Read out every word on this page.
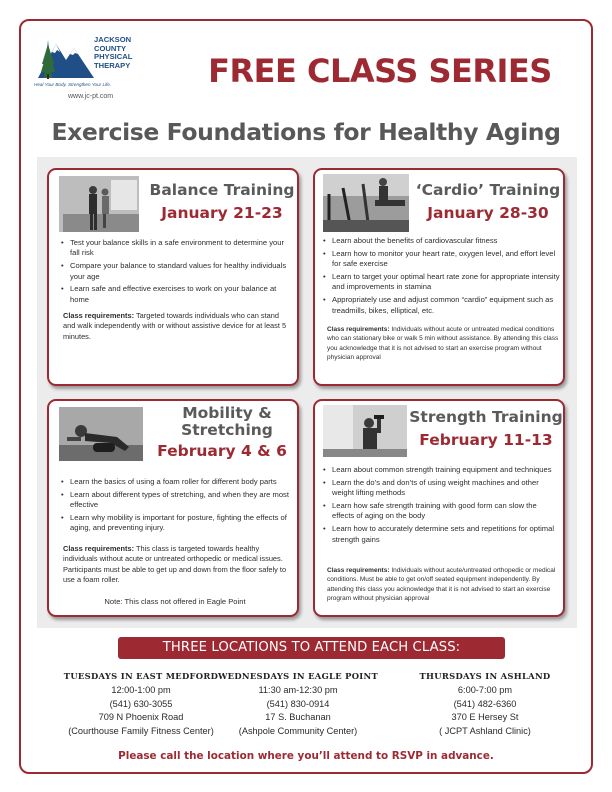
JACKSON
COUNTY
PHYSICAL
THERAPY
Heal Your Body. Strengthen Your Life.
www.jc-pt.com
FREE CLASS SERIES
Exercise Foundations for Healthy Aging
Balance Training
January 21-23
• Test your balance skills in a safe environment to determine your fall risk
• Compare your balance to standard values for healthy individuals your age
• Learn safe and effective exercises to work on your balance at home
Class requirements: Targeted towards individuals who can stand and walk independently with or without assistive device for at least 5 minutes.
‘Cardio’ Training
January 28-30
• Learn about the benefits of cardiovascular fitness
• Learn how to monitor your heart rate, oxygen level, and effort level for safe exercise
• Learn to target your optimal heart rate zone for appropriate intensity and improvements in stamina
• Appropriately use and adjust common “cardio” equipment such as treadmills, bikes, elliptical, etc.
Class requirements: Individuals without acute or untreated medical conditions who can stationary bike or walk 5 min without assistance. By attending this class you acknowledge that it is not advised to start an exercise program without physician approval
Mobility &
Stretching
February 4 & 6
• Learn the basics of using a foam roller for different body parts
• Learn about different types of stretching, and when they are most effective
• Learn why mobility is important for posture, fighting the effects of aging, and preventing injury.
Class requirements: This class is targeted towards healthy individuals without acute or untreated orthopedic or medical issues. Participants must be able to get up and down from the floor safely to use a foam roller.
Note: This class not offered in Eagle Point
Strength Training
February 11-13
• Learn about common strength training equipment and techniques
• Learn the do’s and don’ts of using weight machines and other weight lifting methods
• Learn how safe strength training with good form can slow the effects of aging on the body
• Learn how to accurately determine sets and repetitions for optimal strength gains
Class requirements: Individuals without acute/untreated orthopedic or medical conditions. Must be able to get on/off seated equipment independently. By attending this class you acknowledge that it is not advised to start an exercise program without physician approval
THREE LOCATIONS TO ATTEND EACH CLASS:
TUESDAYS IN EAST MEDFORD
12:00-1:00 pm
(541) 630-3055
709 N Phoenix Road
(Courthouse Family Fitness Center)
WEDNESDAYS IN EAGLE POINT
11:30 am-12:30 pm
(541) 830-0914
17 S. Buchanan
(Ashpole Community Center)
THURSDAYS IN ASHLAND
6:00-7:00 pm
(541) 482-6360
370 E Hersey St
( JCPT Ashland Clinic)
Please call the location where you’ll attend to RSVP in advance.
